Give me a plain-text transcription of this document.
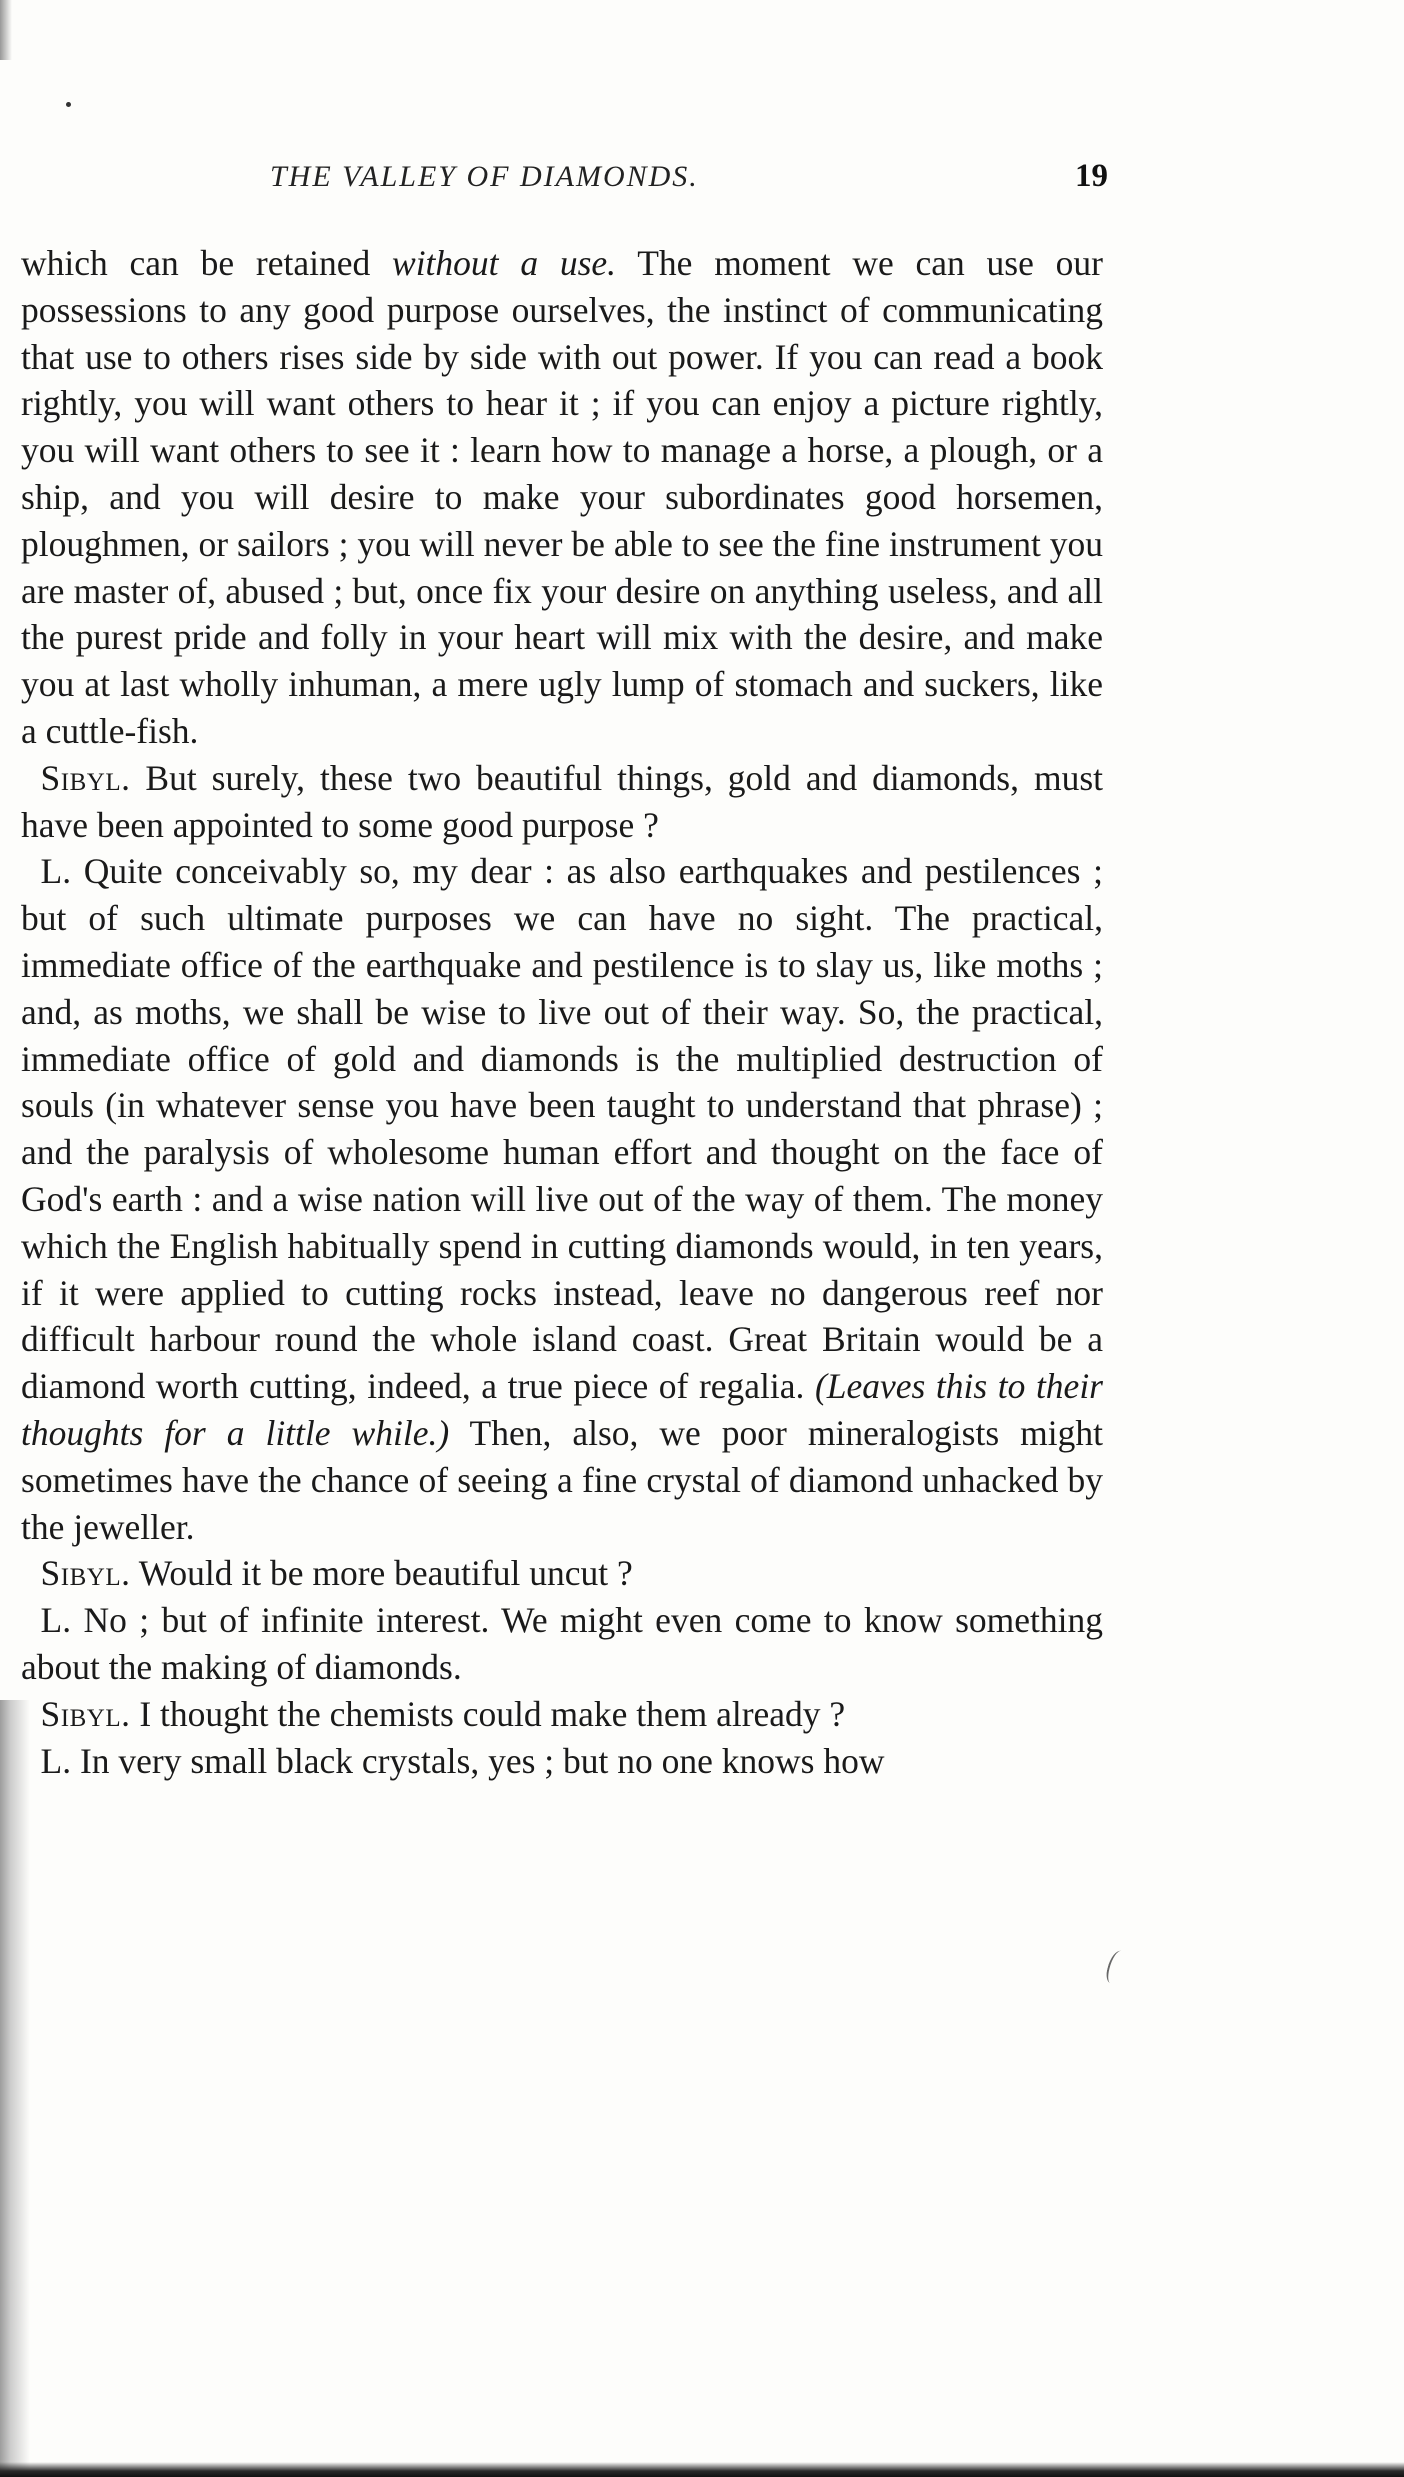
THE VALLEY OF DIAMONDS.	19

which can be retained without a use. The moment we can use our possessions to any good purpose ourselves, the instinct of communicating that use to others rises side by side with out power. If you can read a book rightly, you will want others to hear it ; if you can enjoy a picture rightly, you will want others to see it : learn how to manage a horse, a plough, or a ship, and you will desire to make your subordinates good horsemen, ploughmen, or sailors ; you will never be able to see the fine instrument you are master of, abused ; but, once fix your desire on anything useless, and all the purest pride and folly in your heart will mix with the desire, and make you at last wholly inhuman, a mere ugly lump of stomach and suckers, like a cuttle-fish.

Sibyl. But surely, these two beautiful things, gold and diamonds, must have been appointed to some good purpose ?

L. Quite conceivably so, my dear : as also earthquakes and pestilences ; but of such ultimate purposes we can have no sight. The practical, immediate office of the earthquake and pestilence is to slay us, like moths ; and, as moths, we shall be wise to live out of their way. So, the practical, immediate office of gold and diamonds is the multiplied destruction of souls (in whatever sense you have been taught to understand that phrase) ; and the paralysis of wholesome human effort and thought on the face of God's earth : and a wise nation will live out of the way of them. The money which the English habitually spend in cutting diamonds would, in ten years, if it were applied to cutting rocks instead, leave no dangerous reef nor difficult harbour round the whole island coast. Great Britain would be a diamond worth cutting, indeed, a true piece of regalia. (Leaves this to their thoughts for a little while.) Then, also, we poor mineralogists might sometimes have the chance of seeing a fine crystal of diamond unhacked by the jeweller.

Sibyl. Would it be more beautiful uncut ?

L. No ; but of infinite interest. We might even come to know something about the making of diamonds.

Sibyl. I thought the chemists could make them already ?

L. In very small black crystals, yes ; but no one knows how
